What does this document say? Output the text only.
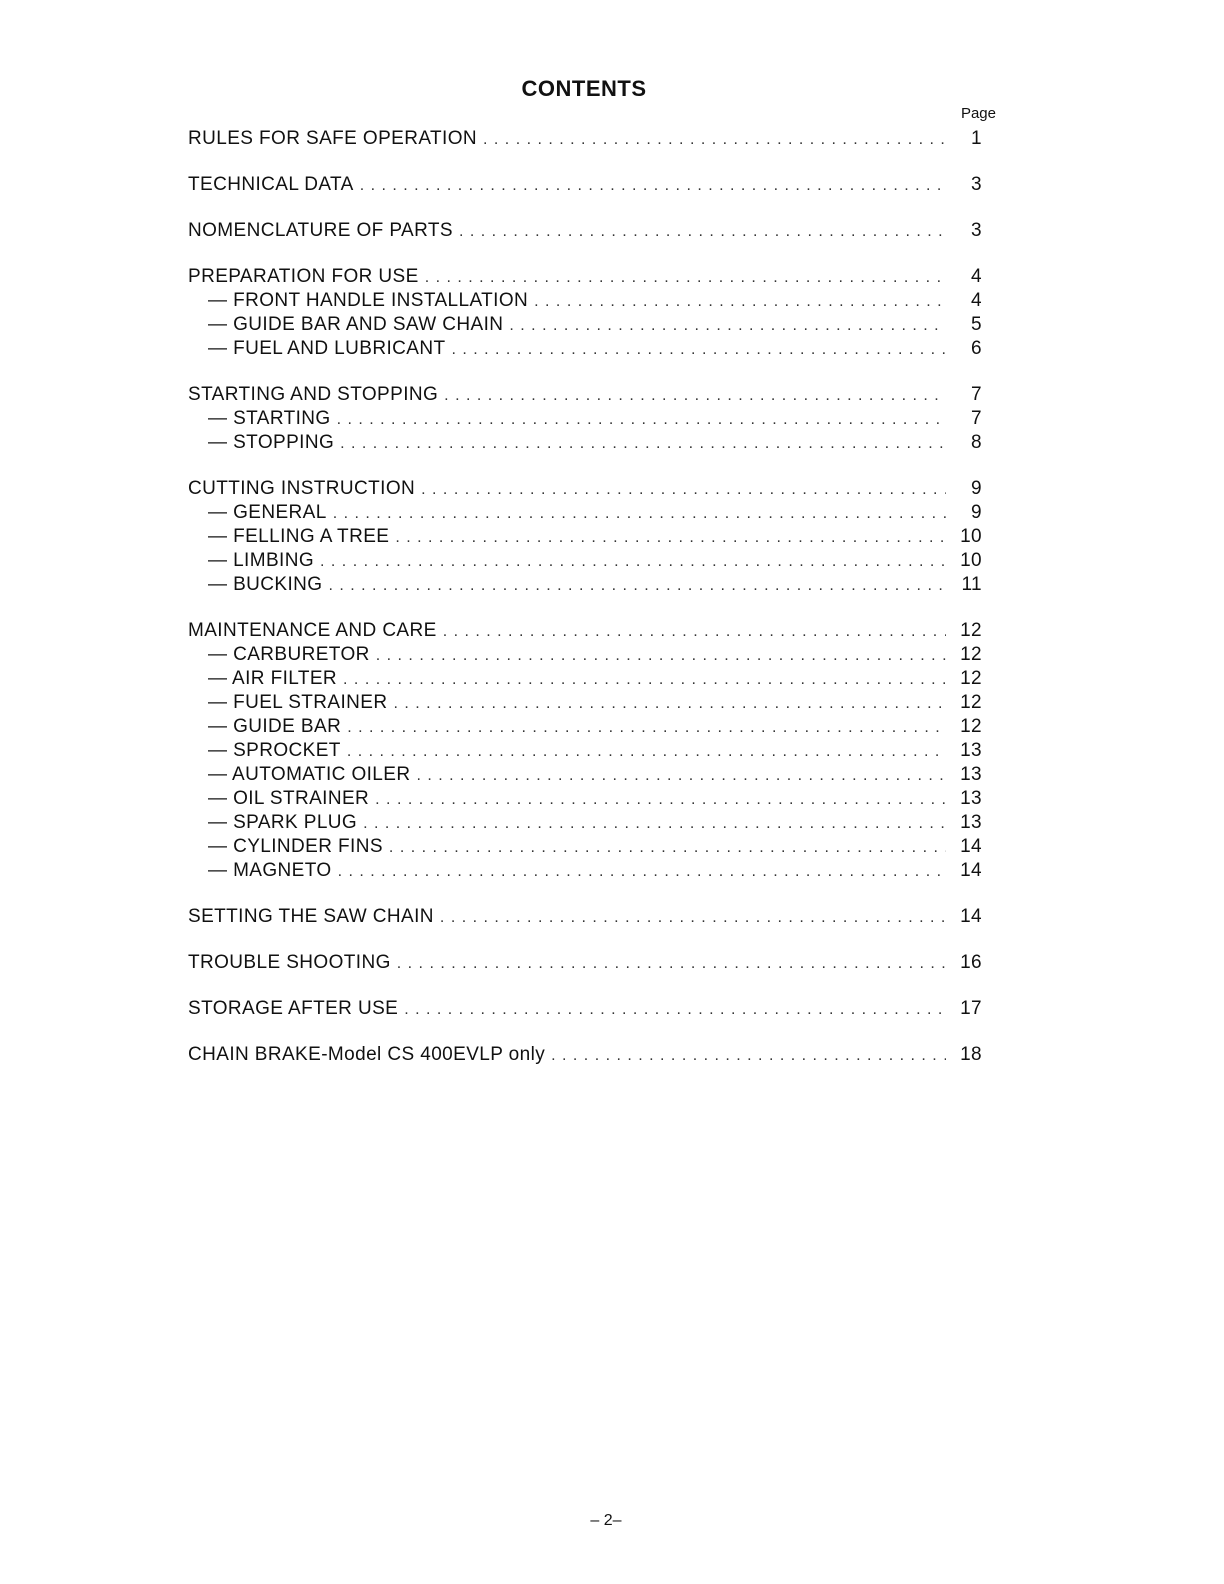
CONTENTS
Page
RULES FOR SAFE OPERATION . . .	1
TECHNICAL DATA . . .	3
NOMENCLATURE OF PARTS . . .	3
PREPARATION FOR USE . . .	4
— FRONT HANDLE INSTALLATION . . .	4
— GUIDE BAR AND SAW CHAIN . . .	5
— FUEL AND LUBRICANT . . .	6
STARTING AND STOPPING . . .	7
— STARTING . . .	7
— STOPPING . . .	8
CUTTING INSTRUCTION . . .	9
— GENERAL . . .	9
— FELLING A TREE . . .	10
— LIMBING . . .	10
— BUCKING . . .	11
MAINTENANCE AND CARE . . .	12
— CARBURETOR . . .	12
— AIR FILTER . . .	12
— FUEL STRAINER . . .	12
— GUIDE BAR . . .	12
— SPROCKET . . .	13
— AUTOMATIC OILER . . .	13
— OIL STRAINER . . .	13
— SPARK PLUG . . .	13
— CYLINDER FINS . . .	14
— MAGNETO . . .	14
SETTING THE SAW CHAIN . . .	14
TROUBLE SHOOTING . . .	16
STORAGE AFTER USE . . .	17
CHAIN BRAKE-Model CS 400EVLP only . . .	18
– 2–
